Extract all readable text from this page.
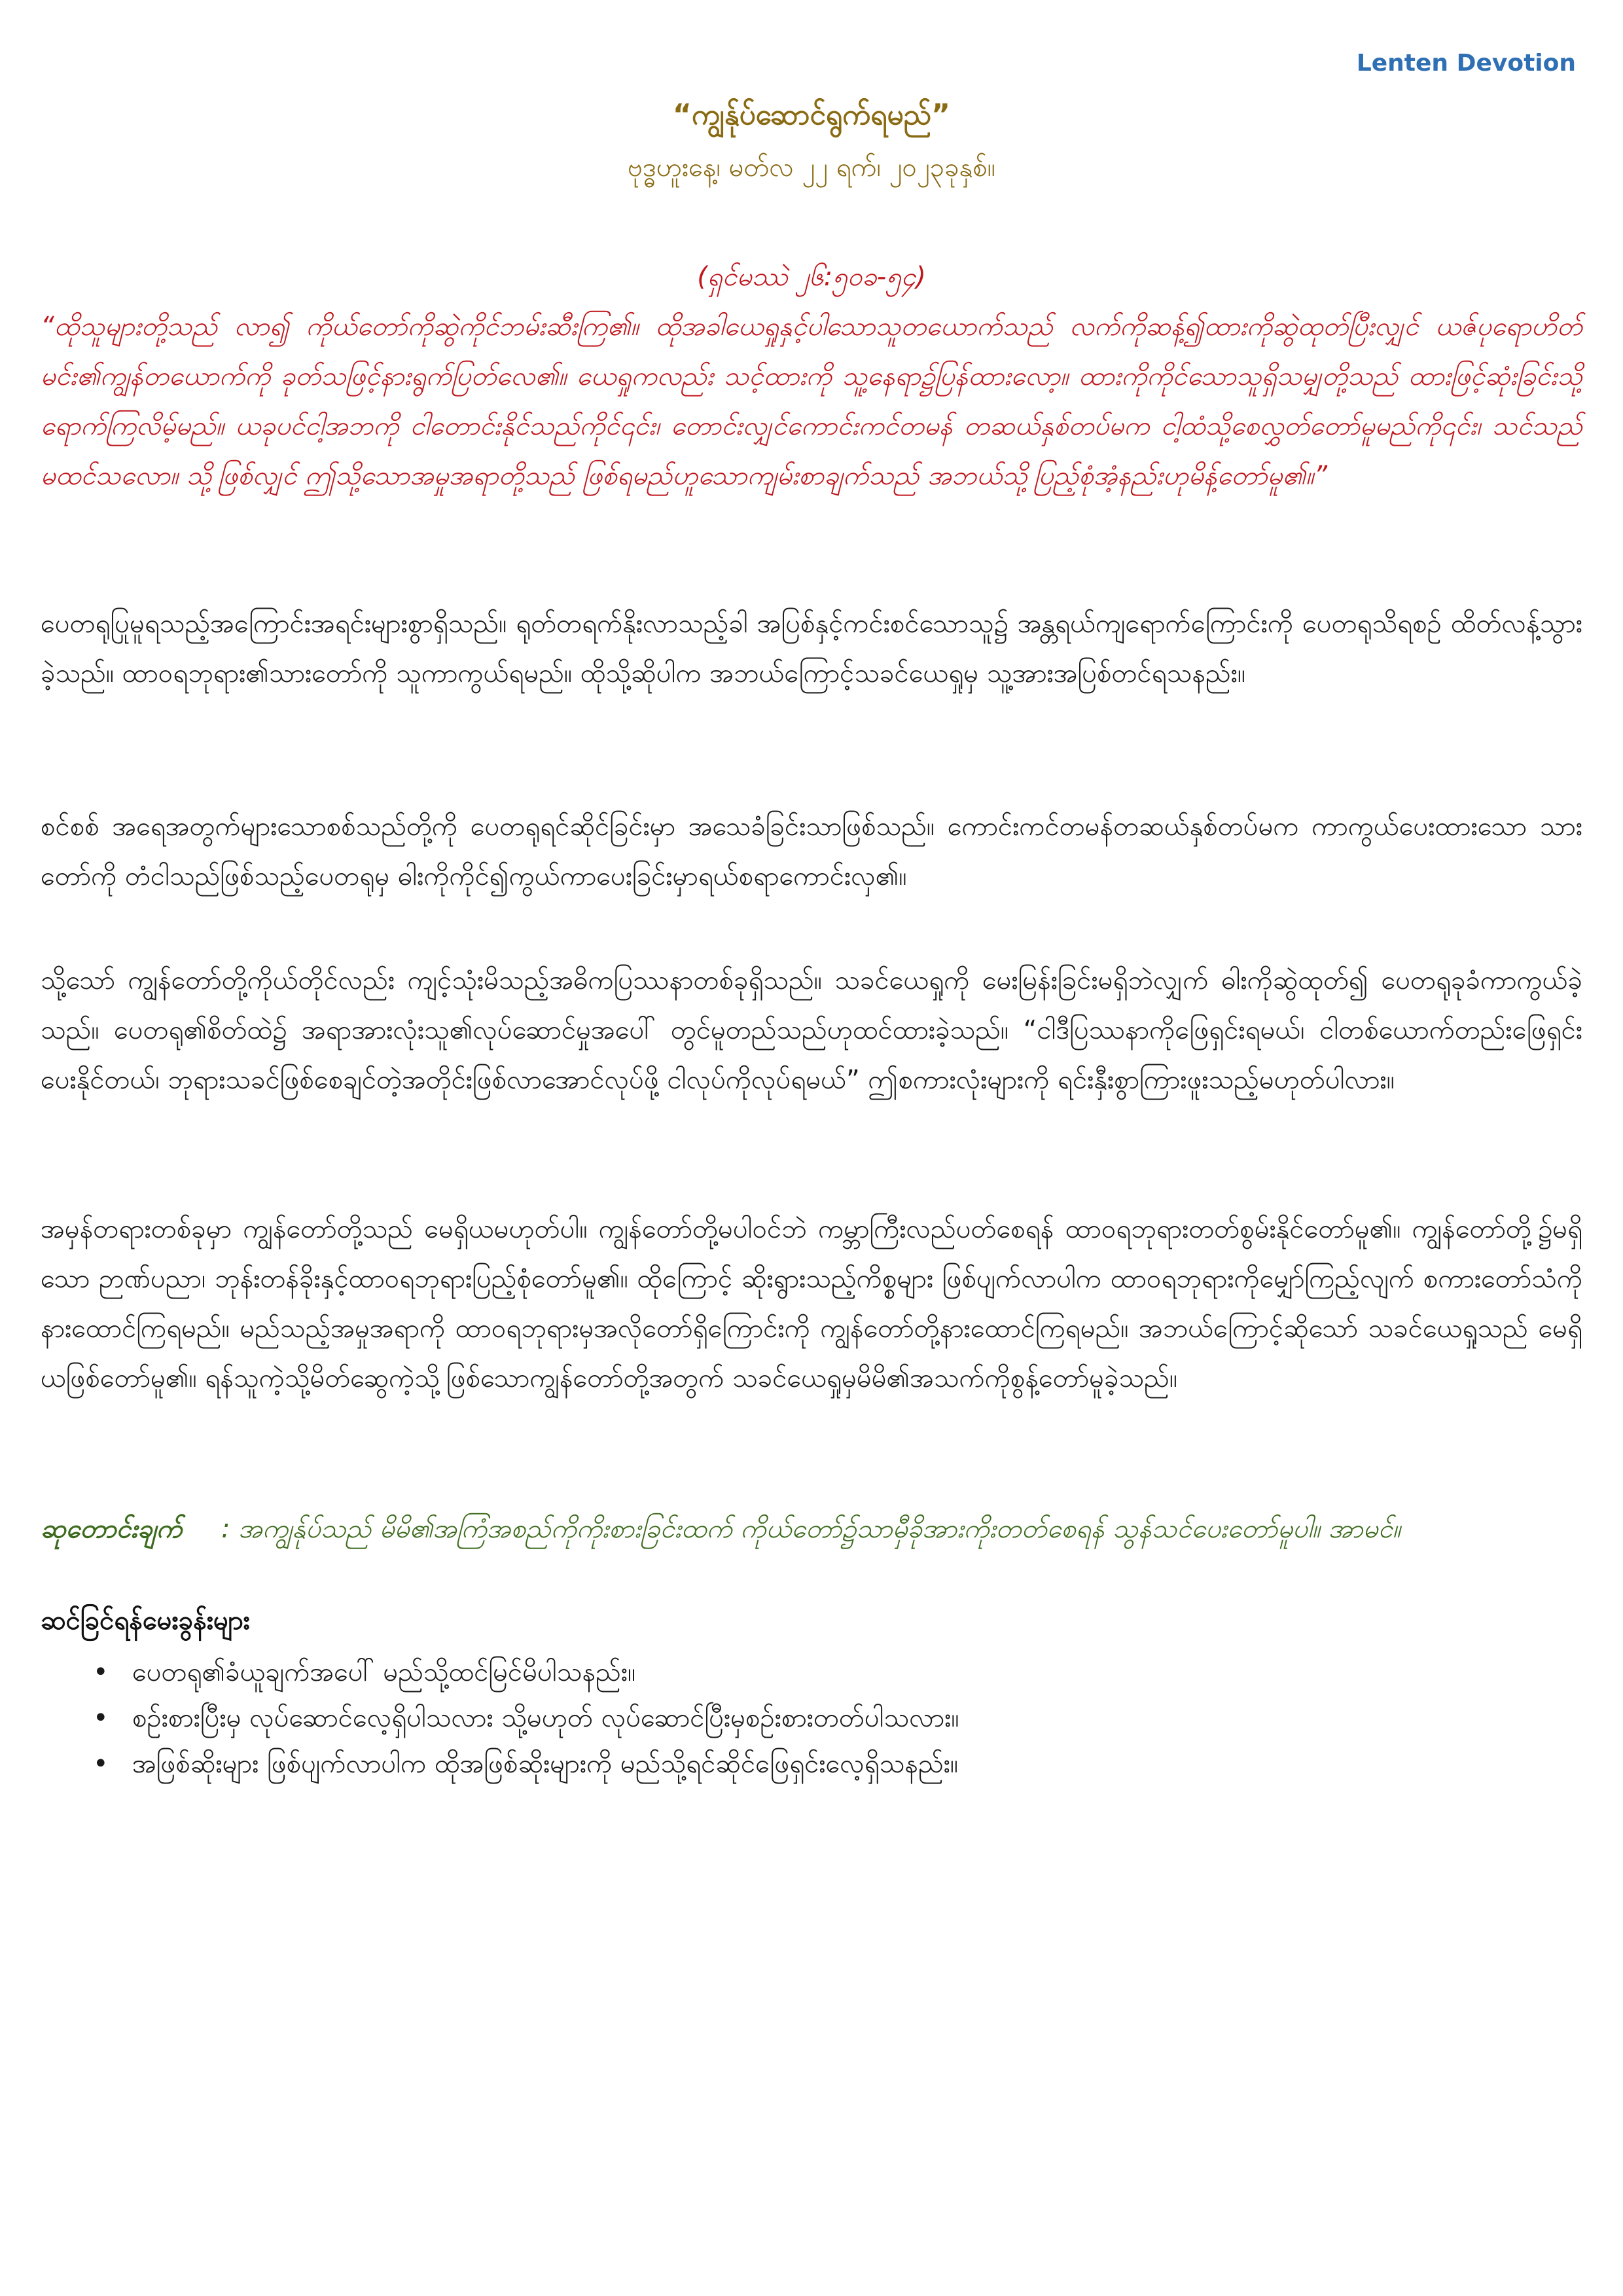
Lenten Devotion
“ကျွန်ုပ်ဆောင်ရွက်ရမည်”
ဗုဒ္ဓဟူးနေ့၊ မတ်လ ၂၂ ရက်၊ ၂၀၂၃ခုနှစ်။
(ရှင်မဿဲ ၂၆:၅၀ခ-၅၄)
“ထိုသူများတို့သည် လာ၍ ကိုယ်တော်ကိုဆွဲကိုင်ဘမ်းဆီးကြ၏။ ထိုအခါယေရှုနှင့်ပါသောသူတယောက်သည် လက်ကိုဆန့်၍ထားကိုဆွဲထုတ်ပြီးလျှင် ယဇ်ပုရောဟိတ်မင်း၏ကျွန်တယောက်ကို ခုတ်သဖြင့်နားရွက်ပြတ်လေ၏။ ယေရှုကလည်း သင့်ထားကို သူ့နေရာ၌ပြန်ထားလော့။ ထားကိုကိုင်သောသူရှိသမျှတို့သည် ထားဖြင့်ဆုံးခြင်းသို့ရောက်ကြလိမ့်မည်။ ယခုပင်ငါ့အဘကို ငါတောင်းနိုင်သည်ကိုင်၎င်း၊ တောင်းလျှင်ကောင်းကင်တမန် တဆယ်နှစ်တပ်မက ငါ့ထံသို့စေလွှတ်တော်မူမည်ကို၎င်း၊ သင်သည် မထင်သလော။ သို့ဖြစ်လျှင် ဤသို့သောအမှုအရာတို့သည် ဖြစ်ရမည်ဟူသောကျမ်းစာချက်သည် အဘယ်သို့ပြည့်စုံအံ့နည်းဟုမိန့်တော်မူ၏။”
ပေတရုပြုမူရသည့်အကြောင်းအရင်းများစွာရှိသည်။ ရုတ်တရက်နိုးလာသည့်ခါ အပြစ်နှင့်ကင်းစင်သောသူ၌ အန္တရယ်ကျရောက်ကြောင်းကို ပေတရုသိရစဉ် ထိတ်လန့်သွားခဲ့သည်။ ထာဝရဘုရား၏သားတော်ကို သူကာကွယ်ရမည်။ ထိုသို့ဆိုပါက အဘယ်ကြောင့်သခင်ယေရှုမှ သူ့အားအပြစ်တင်ရသနည်း။
စင်စစ် အရေအတွက်များသောစစ်သည်တို့ကို ပေတရုရင်ဆိုင်ခြင်းမှာ အသေခံခြင်းသာဖြစ်သည်။ ကောင်းကင်တမန်တဆယ်နှစ်တပ်မက ကာကွယ်ပေးထားသော သားတော်ကို တံငါသည်ဖြစ်သည့်ပေတရုမှ ဓါးကိုကိုင်၍ကွယ်ကာပေးခြင်းမှာရယ်စရာကောင်းလှ၏။
သို့သော် ကျွန်တော်တို့ကိုယ်တိုင်လည်း ကျင့်သုံးမိသည့်အဓိကပြဿနာတစ်ခုရှိသည်။ သခင်ယေရှုကို မေးမြန်းခြင်းမရှိဘဲလျှက် ဓါးကိုဆွဲထုတ်၍ ပေတရုခုခံကာကွယ်ခဲ့သည်။ ပေတရု၏စိတ်ထဲ၌ အရာအားလုံးသူ၏လုပ်ဆောင်မှုအပေါ် တွင်မူတည်သည်ဟုထင်ထားခဲ့သည်။ “ငါဒီပြဿနာကိုဖြေရှင်းရမယ်၊ ငါတစ်ယောက်တည်းဖြေရှင်းပေးနိုင်တယ်၊ ဘုရားသခင်ဖြစ်စေချင်တဲ့အတိုင်းဖြစ်လာအောင်လုပ်ဖို့ ငါလုပ်ကိုလုပ်ရမယ်” ဤစကားလုံးများကို ရင်းနှီးစွာကြားဖူးသည့်မဟုတ်ပါလား။
အမှန်တရားတစ်ခုမှာ ကျွန်တော်တို့သည် မေရှိယမဟုတ်ပါ။ ကျွန်တော်တို့မပါဝင်ဘဲ ကမ္ဘာကြီးလည်ပတ်စေရန် ထာဝရဘုရားတတ်စွမ်းနိုင်တော်မူ၏။ ကျွန်တော်တို့၌မရှိသော ဉာဏ်ပညာ၊ ဘုန်းတန်ခိုးနှင့်ထာဝရဘုရားပြည့်စုံတော်မူ၏။ ထိုကြောင့် ဆိုးရွားသည့်ကိစ္စများ ဖြစ်ပျက်လာပါက ထာဝရဘုရားကိုမျှော်ကြည့်လျက် စကားတော်သံကိုနားထောင်ကြရမည်။ မည်သည့်အမှုအရာကို ထာဝရဘုရားမှအလိုတော်ရှိကြောင်းကို ကျွန်တော်တို့နားထောင်ကြရမည်။ အဘယ်ကြောင့်ဆိုသော် သခင်ယေရှုသည် မေရှိယဖြစ်တော်မူ၏။ ရန်သူကဲ့သို့မိတ်ဆွေကဲ့သို့ဖြစ်သောကျွန်တော်တို့အတွက် သခင်ယေရှုမှမိမိ၏အသက်ကိုစွန့်တော်မူခဲ့သည်။
ဆုတောင်းချက် : အကျွန်ုပ်သည် မိမိ၏အကြံအစည်ကိုကိုးစားခြင်းထက် ကိုယ်တော်၌သာမှီခိုအားကိုးတတ်စေရန် သွန်သင်ပေးတော်မူပါ။ အာမင်။
ဆင်ခြင်ရန်မေးခွန်းများ
• ပေတရု၏ခံယူချက်အပေါ် မည်သို့ထင်မြင်မိပါသနည်း။
• စဉ်းစားပြီးမှ လုပ်ဆောင်လေ့ရှိပါသလား သို့မဟုတ် လုပ်ဆောင်ပြီးမှစဉ်းစားတတ်ပါသလား။
• အဖြစ်ဆိုးများ ဖြစ်ပျက်လာပါက ထိုအဖြစ်ဆိုးများကို မည်သို့ရင်ဆိုင်ဖြေရှင်းလေ့ရှိသနည်း။
